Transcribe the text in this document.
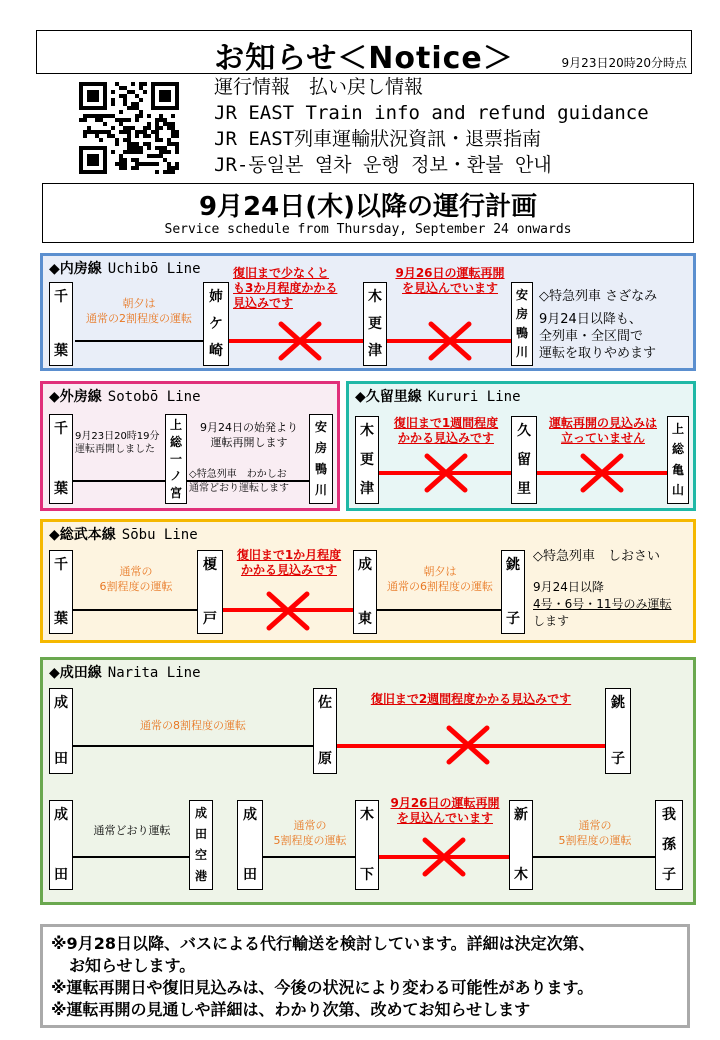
お知らせ＜Notice＞	9月23日20時20分時点
運行情報　払い戻し情報
JR EAST Train info and refund guidance
JR EAST列車運輸狀況資訊・退票指南
JR-동일본 열차 운행 정보・환불 안내
9月24日(木)以降の運行計画
Service schedule from Thursday, September 24 onwards
◆内房線 Uchibō Line
千
葉
姉
ケ
崎
木
更
津
安
房
鴨
川
朝夕は
通常の2割程度の運転
復旧まで少なくと
も3か月程度かかる
見込みです
9月26日の運転再開
を見込んでいます
◇特急列車 さざなみ
9月24日以降も、
全列車・全区間で
運転を取りやめます
◆外房線 Sotobō Line
千
葉
上
総
一
ノ
宮
安
房
鴨
川
9月23日20時19分
運転再開しました
9月24日の始発より
運転再開します
◇特急列車　わかしお
通常どおり運転します
◆久留里線 Kururi Line
木
更
津
久
留
里
上
総
亀
山
復旧まで1週間程度
かかる見込みです
運転再開の見込みは
立っていません
◆総武本線 Sōbu Line
千
葉
榎
戸
成
東
銚
子
通常の
6割程度の運転
復旧まで1か月程度
かかる見込みです	朝夕は
通常の6割程度の運転
◇特急列車　しおさい
9月24日以降
4号・6号・11号のみ運転
します
◆成田線 Narita Line
成
田
佐
原
銚
子
通常の8割程度の運転
復旧まで2週間程度かかる見込みです
成
田
成
田
空
港
成
田
木
下
新
木
我
孫
子
通常どおり運転	通常の
5割程度の運転
9月26日の運転再開
を見込んでいます
通常の
5割程度の運転
※9月28日以降、バスによる代行輸送を検討しています。詳細は決定次第、
お知らせします。
※運転再開日や復旧見込みは、今後の状況により変わる可能性があります。
※運転再開の見通しや詳細は、わかり次第、改めてお知らせします
